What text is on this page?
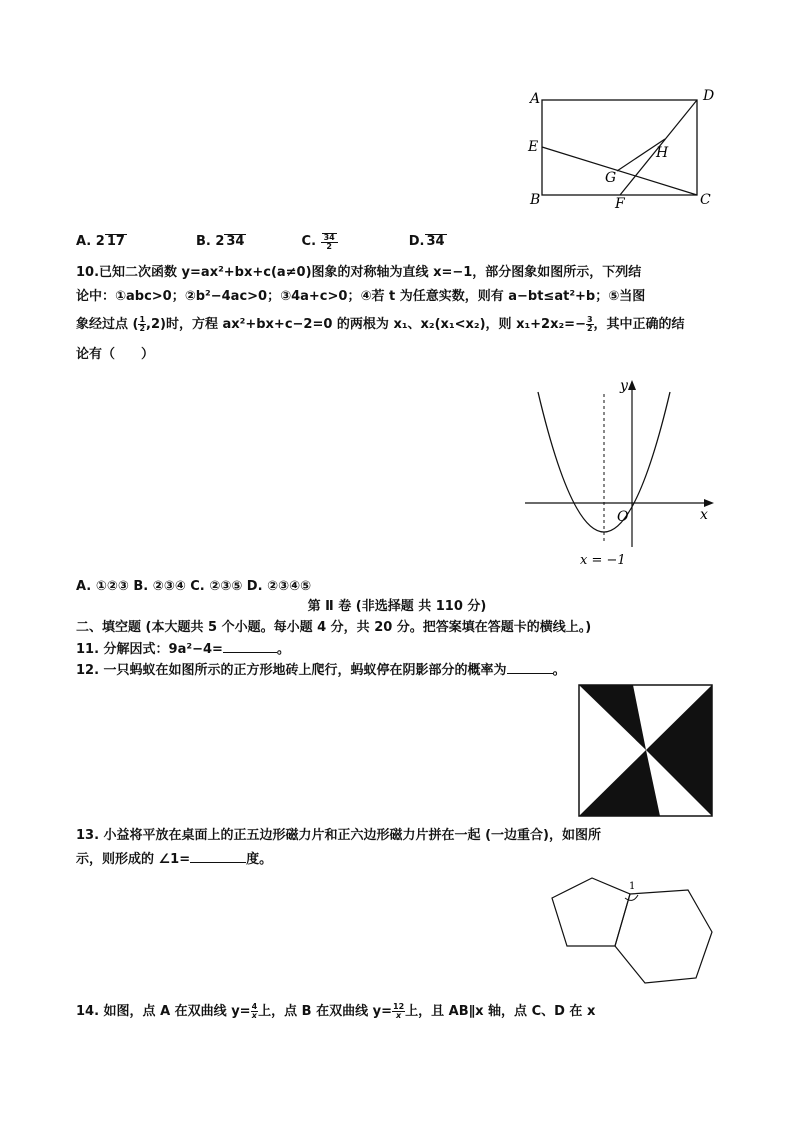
A	D
E	H
G
B	C
F
A. 2 17	B. 2 34	C. $\frac{34}{2}$	D. 34
10.已知二次函数 y=ax²+bx+c(a≠0)图象的对称轴为直线 x=−1，部分图象如图所示，下列结
论中：①abc>0；②b²−4ac>0；③4a+c>0；④若 t 为任意实数，则有 a−bt≤at²+b；⑤当图
象经过点 ( $\frac{1}{2} ,2$)时，方程 ax²+bx+c−2=0 的两根为 x₁、x₂(x₁<x₂)，则 $x_1+2x_2=- \frac{3}{2}$ ，其中正确的结
论有（　　）
y
x
O
x = −1
A. ①②③ B. ②③④ C. ②③⑤ D. ②③④⑤
第 Ⅱ 卷 (非选择题 共 110 分)
二、填空题 (本大题共 5 个小题。每小题 4 分，共 20 分。把答案填在答题卡的横线上。)
11. 分解因式：9a²−4=	。
12. 一只蚂蚁在如图所示的正方形地砖上爬行，蚂蚁停在阴影部分的概率为	。
13. 小益将平放在桌面上的正五边形磁力片和正六边形磁力片拼在一起 (一边重合)，如图所
示，则形成的 ∠1=	度。
1
14. 如图，点 A 在双曲线 $y= \frac{4}{x}$ 上，点 B 在双曲线 $y= \frac{12}{x}$ 上，且 AB∥x 轴，点 C、D 在 x
